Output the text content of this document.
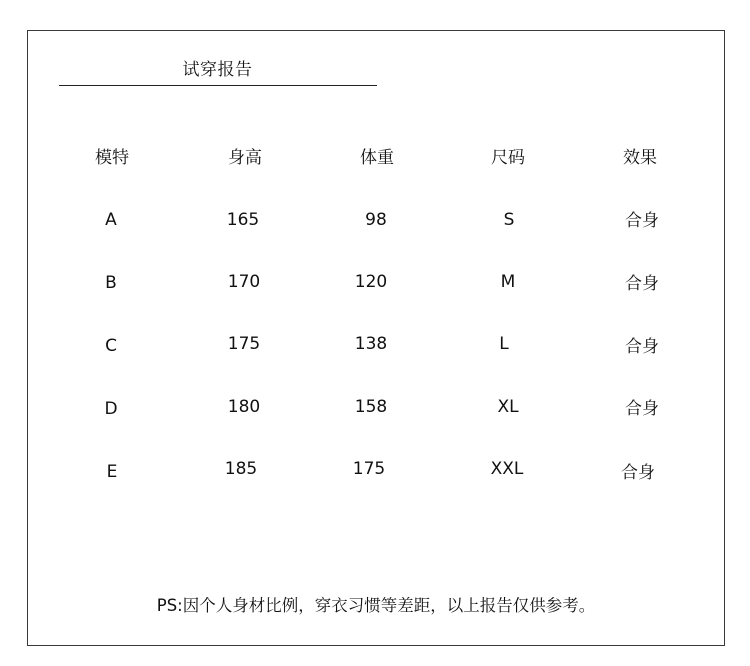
试穿报告
模特	身高	体重	尺码	效果
A	165	98	S	合身
B	170	120	M	合身
C	175	138	L	合身
D	180	158	XL	合身
E	185	175	XXL	合身
PS:因个人身材比例，穿衣习惯等差距，以上报告仅供参考。
